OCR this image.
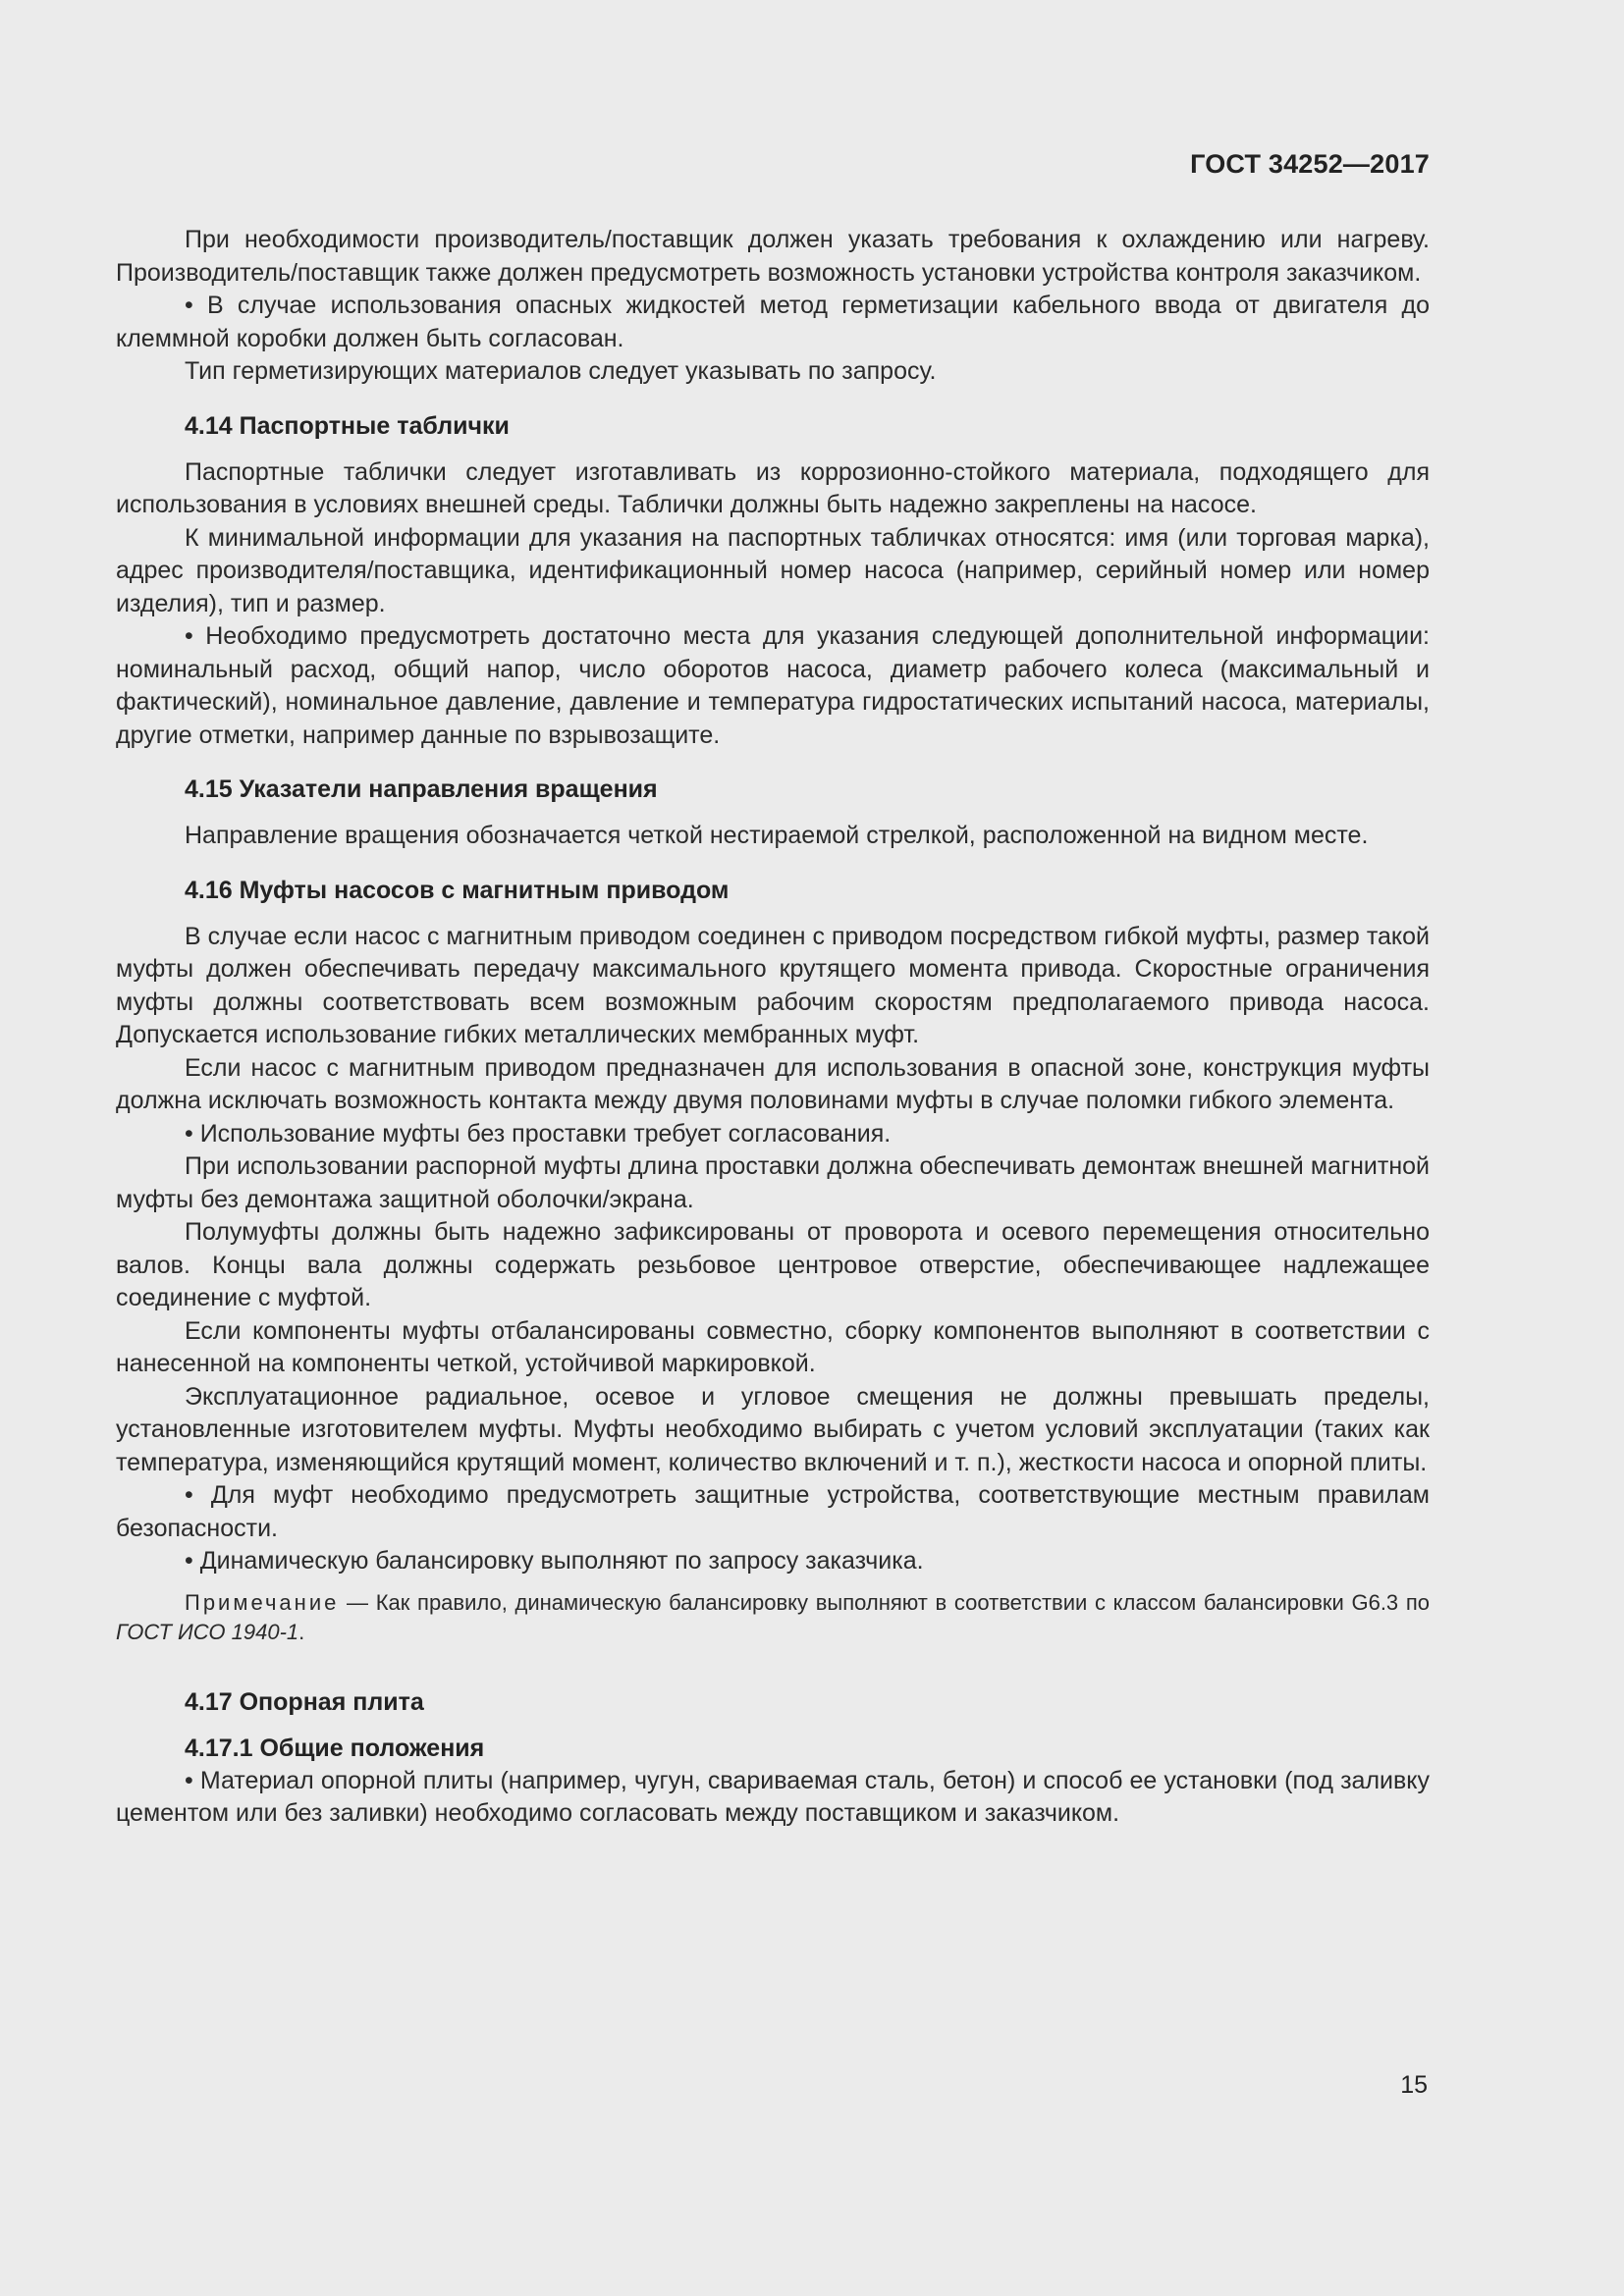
ГОСТ 34252—2017

При необходимости производитель/поставщик должен указать требования к охлаждению или нагреву. Производитель/поставщик также должен предусмотреть возможность установки устройства контроля заказчиком.

• В случае использования опасных жидкостей метод герметизации кабельного ввода от двигателя до клеммной коробки должен быть согласован.

Тип герметизирующих материалов следует указывать по запросу.

4.14 Паспортные таблички

Паспортные таблички следует изготавливать из коррозионно-стойкого материала, подходящего для использования в условиях внешней среды. Таблички должны быть надежно закреплены на насосе.

К минимальной информации для указания на паспортных табличках относятся: имя (или торговая марка), адрес производителя/поставщика, идентификационный номер насоса (например, серийный номер или номер изделия), тип и размер.

• Необходимо предусмотреть достаточно места для указания следующей дополнительной информации: номинальный расход, общий напор, число оборотов насоса, диаметр рабочего колеса (максимальный и фактический), номинальное давление, давление и температура гидростатических испытаний насоса, материалы, другие отметки, например данные по взрывозащите.

4.15 Указатели направления вращения

Направление вращения обозначается четкой нестираемой стрелкой, расположенной на видном месте.

4.16 Муфты насосов с магнитным приводом

В случае если насос с магнитным приводом соединен с приводом посредством гибкой муфты, размер такой муфты должен обеспечивать передачу максимального крутящего момента привода. Скоростные ограничения муфты должны соответствовать всем возможным рабочим скоростям предполагаемого привода насоса. Допускается использование гибких металлических мембранных муфт.

Если насос с магнитным приводом предназначен для использования в опасной зоне, конструкция муфты должна исключать возможность контакта между двумя половинами муфты в случае поломки гибкого элемента.

• Использование муфты без проставки требует согласования.

При использовании распорной муфты длина проставки должна обеспечивать демонтаж внешней магнитной муфты без демонтажа защитной оболочки/экрана.

Полумуфты должны быть надежно зафиксированы от проворота и осевого перемещения относительно валов. Концы вала должны содержать резьбовое центровое отверстие, обеспечивающее надлежащее соединение с муфтой.

Если компоненты муфты отбалансированы совместно, сборку компонентов выполняют в соответствии с нанесенной на компоненты четкой, устойчивой маркировкой.

Эксплуатационное радиальное, осевое и угловое смещения не должны превышать пределы, установленные изготовителем муфты. Муфты необходимо выбирать с учетом условий эксплуатации (таких как температура, изменяющийся крутящий момент, количество включений и т. п.), жесткости насоса и опорной плиты.

• Для муфт необходимо предусмотреть защитные устройства, соответствующие местным правилам безопасности.

• Динамическую балансировку выполняют по запросу заказчика.

Примечание — Как правило, динамическую балансировку выполняют в соответствии с классом балансировки G6.3 по ГОСТ ИСО 1940-1.

4.17 Опорная плита
4.17.1 Общие положения

• Материал опорной плиты (например, чугун, свариваемая сталь, бетон) и способ ее установки (под заливку цементом или без заливки) необходимо согласовать между поставщиком и заказчиком.

15
